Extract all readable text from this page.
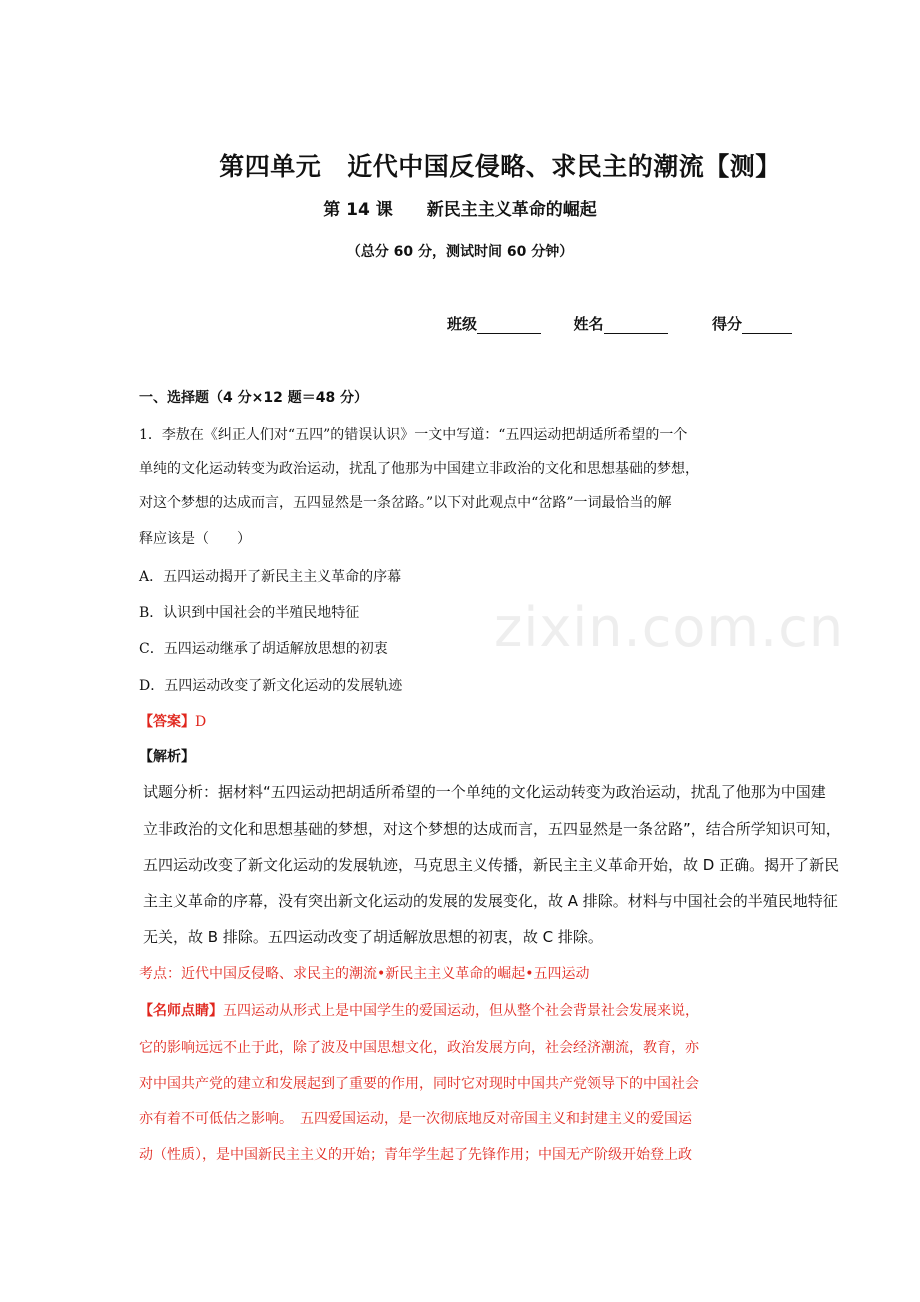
第四单元 近代中国反侵略、求民主的潮流【测】
第 14 课 新民主主义革命的崛起
（总分 60 分，测试时间 60 分钟）
班级	姓名	得分
一、选择题（4 分×12 题＝48 分）
1．李敖在《纠正人们对“五四”的错误认识》一文中写道：“五四运动把胡适所希望的一个
单纯的文化运动转变为政治运动，扰乱了他那为中国建立非政治的文化和思想基础的梦想，
对这个梦想的达成而言，五四显然是一条岔路。”以下对此观点中“岔路”一词最恰当的解
释应该是（　　）
A．五四运动揭开了新民主主义革命的序幕
B．认识到中国社会的半殖民地特征
C．五四运动继承了胡适解放思想的初衷
D．五四运动改变了新文化运动的发展轨迹
zixin.com.cn
【答案】D
【解析】
试题分析：据材料“五四运动把胡适所希望的一个单纯的文化运动转变为政治运动，扰乱了他那为中国建
立非政治的文化和思想基础的梦想，对这个梦想的达成而言，五四显然是一条岔路”，结合所学知识可知，
五四运动改变了新文化运动的发展轨迹，马克思主义传播，新民主主义革命开始，故 D 正确。揭开了新民
主主义革命的序幕，没有突出新文化运动的发展的发展变化，故 A 排除。材料与中国社会的半殖民地特征
无关，故 B 排除。五四运动改变了胡适解放思想的初衷，故 C 排除。
考点：近代中国反侵略、求民主的潮流•新民主主义革命的崛起•五四运动
【名师点睛】五四运动从形式上是中国学生的爱国运动，但从整个社会背景社会发展来说，
它的影响远远不止于此，除了波及中国思想文化，政治发展方向，社会经济潮流，教育，亦
对中国共产党的建立和发展起到了重要的作用，同时它对现时中国共产党领导下的中国社会
亦有着不可低估之影响。　五四爱国运动，是一次彻底地反对帝国主义和封建主义的爱国运
动（性质），是中国新民主主义的开始；青年学生起了先锋作用；中国无产阶级开始登上政
